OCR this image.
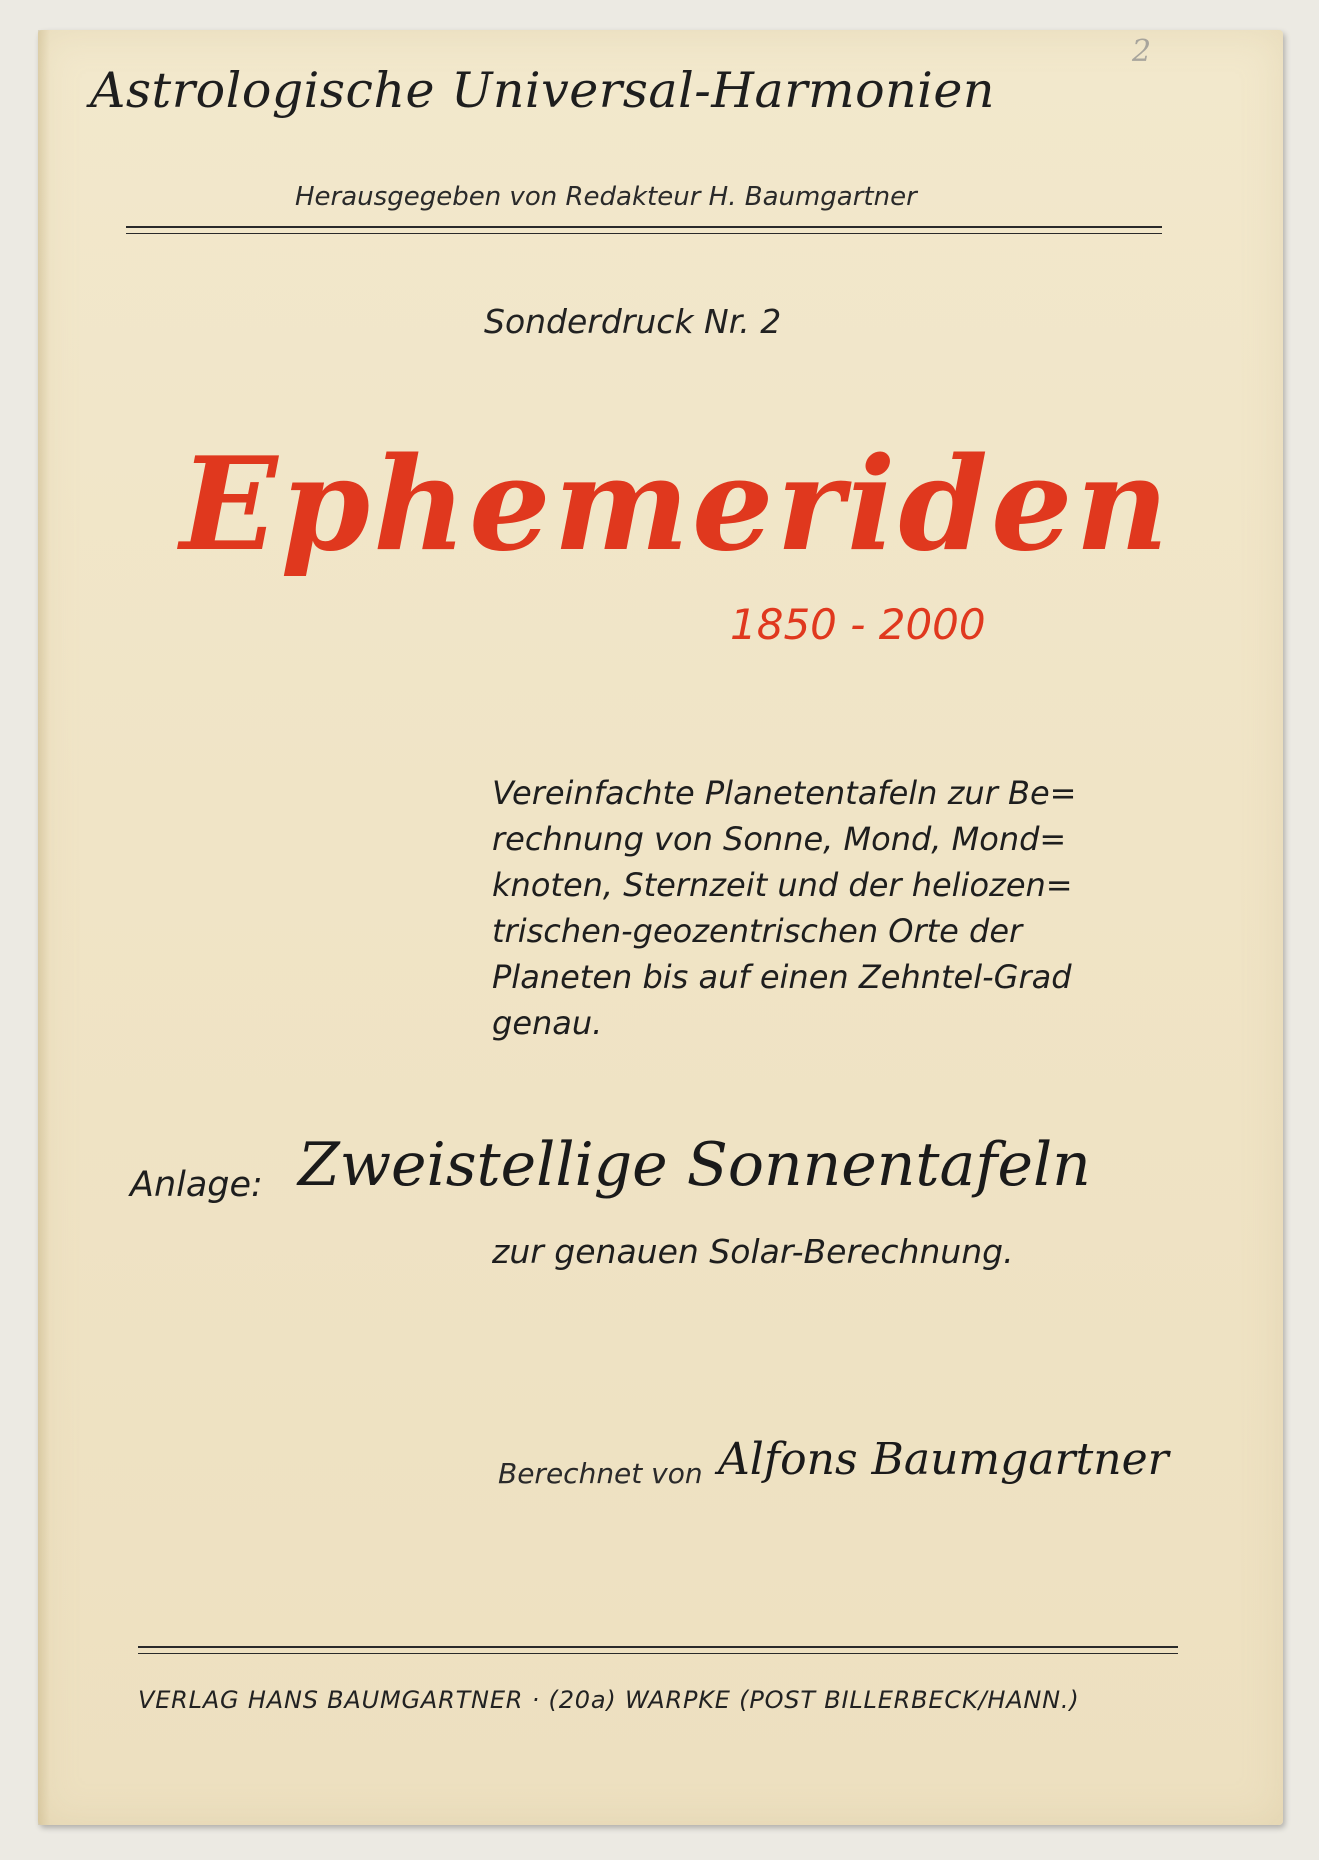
2
Astrologische Universal-Harmonien
Herausgegeben von Redakteur H. Baumgartner
Sonderdruck Nr. 2
Ephemeriden
1850 - 2000
Vereinfachte Planetentafeln zur Be=
rechnung von Sonne, Mond, Mond=
knoten, Sternzeit und der heliozen=
trischen-geozentrischen Orte der
Planeten bis auf einen Zehntel-Grad
genau.
Anlage: Zweistellige Sonnentafeln
zur genauen Solar-Berechnung.
Berechnet von Alfons Baumgartner
VERLAG HANS BAUMGARTNER · (20a) WARPKE (POST BILLERBECK/HANN.)
